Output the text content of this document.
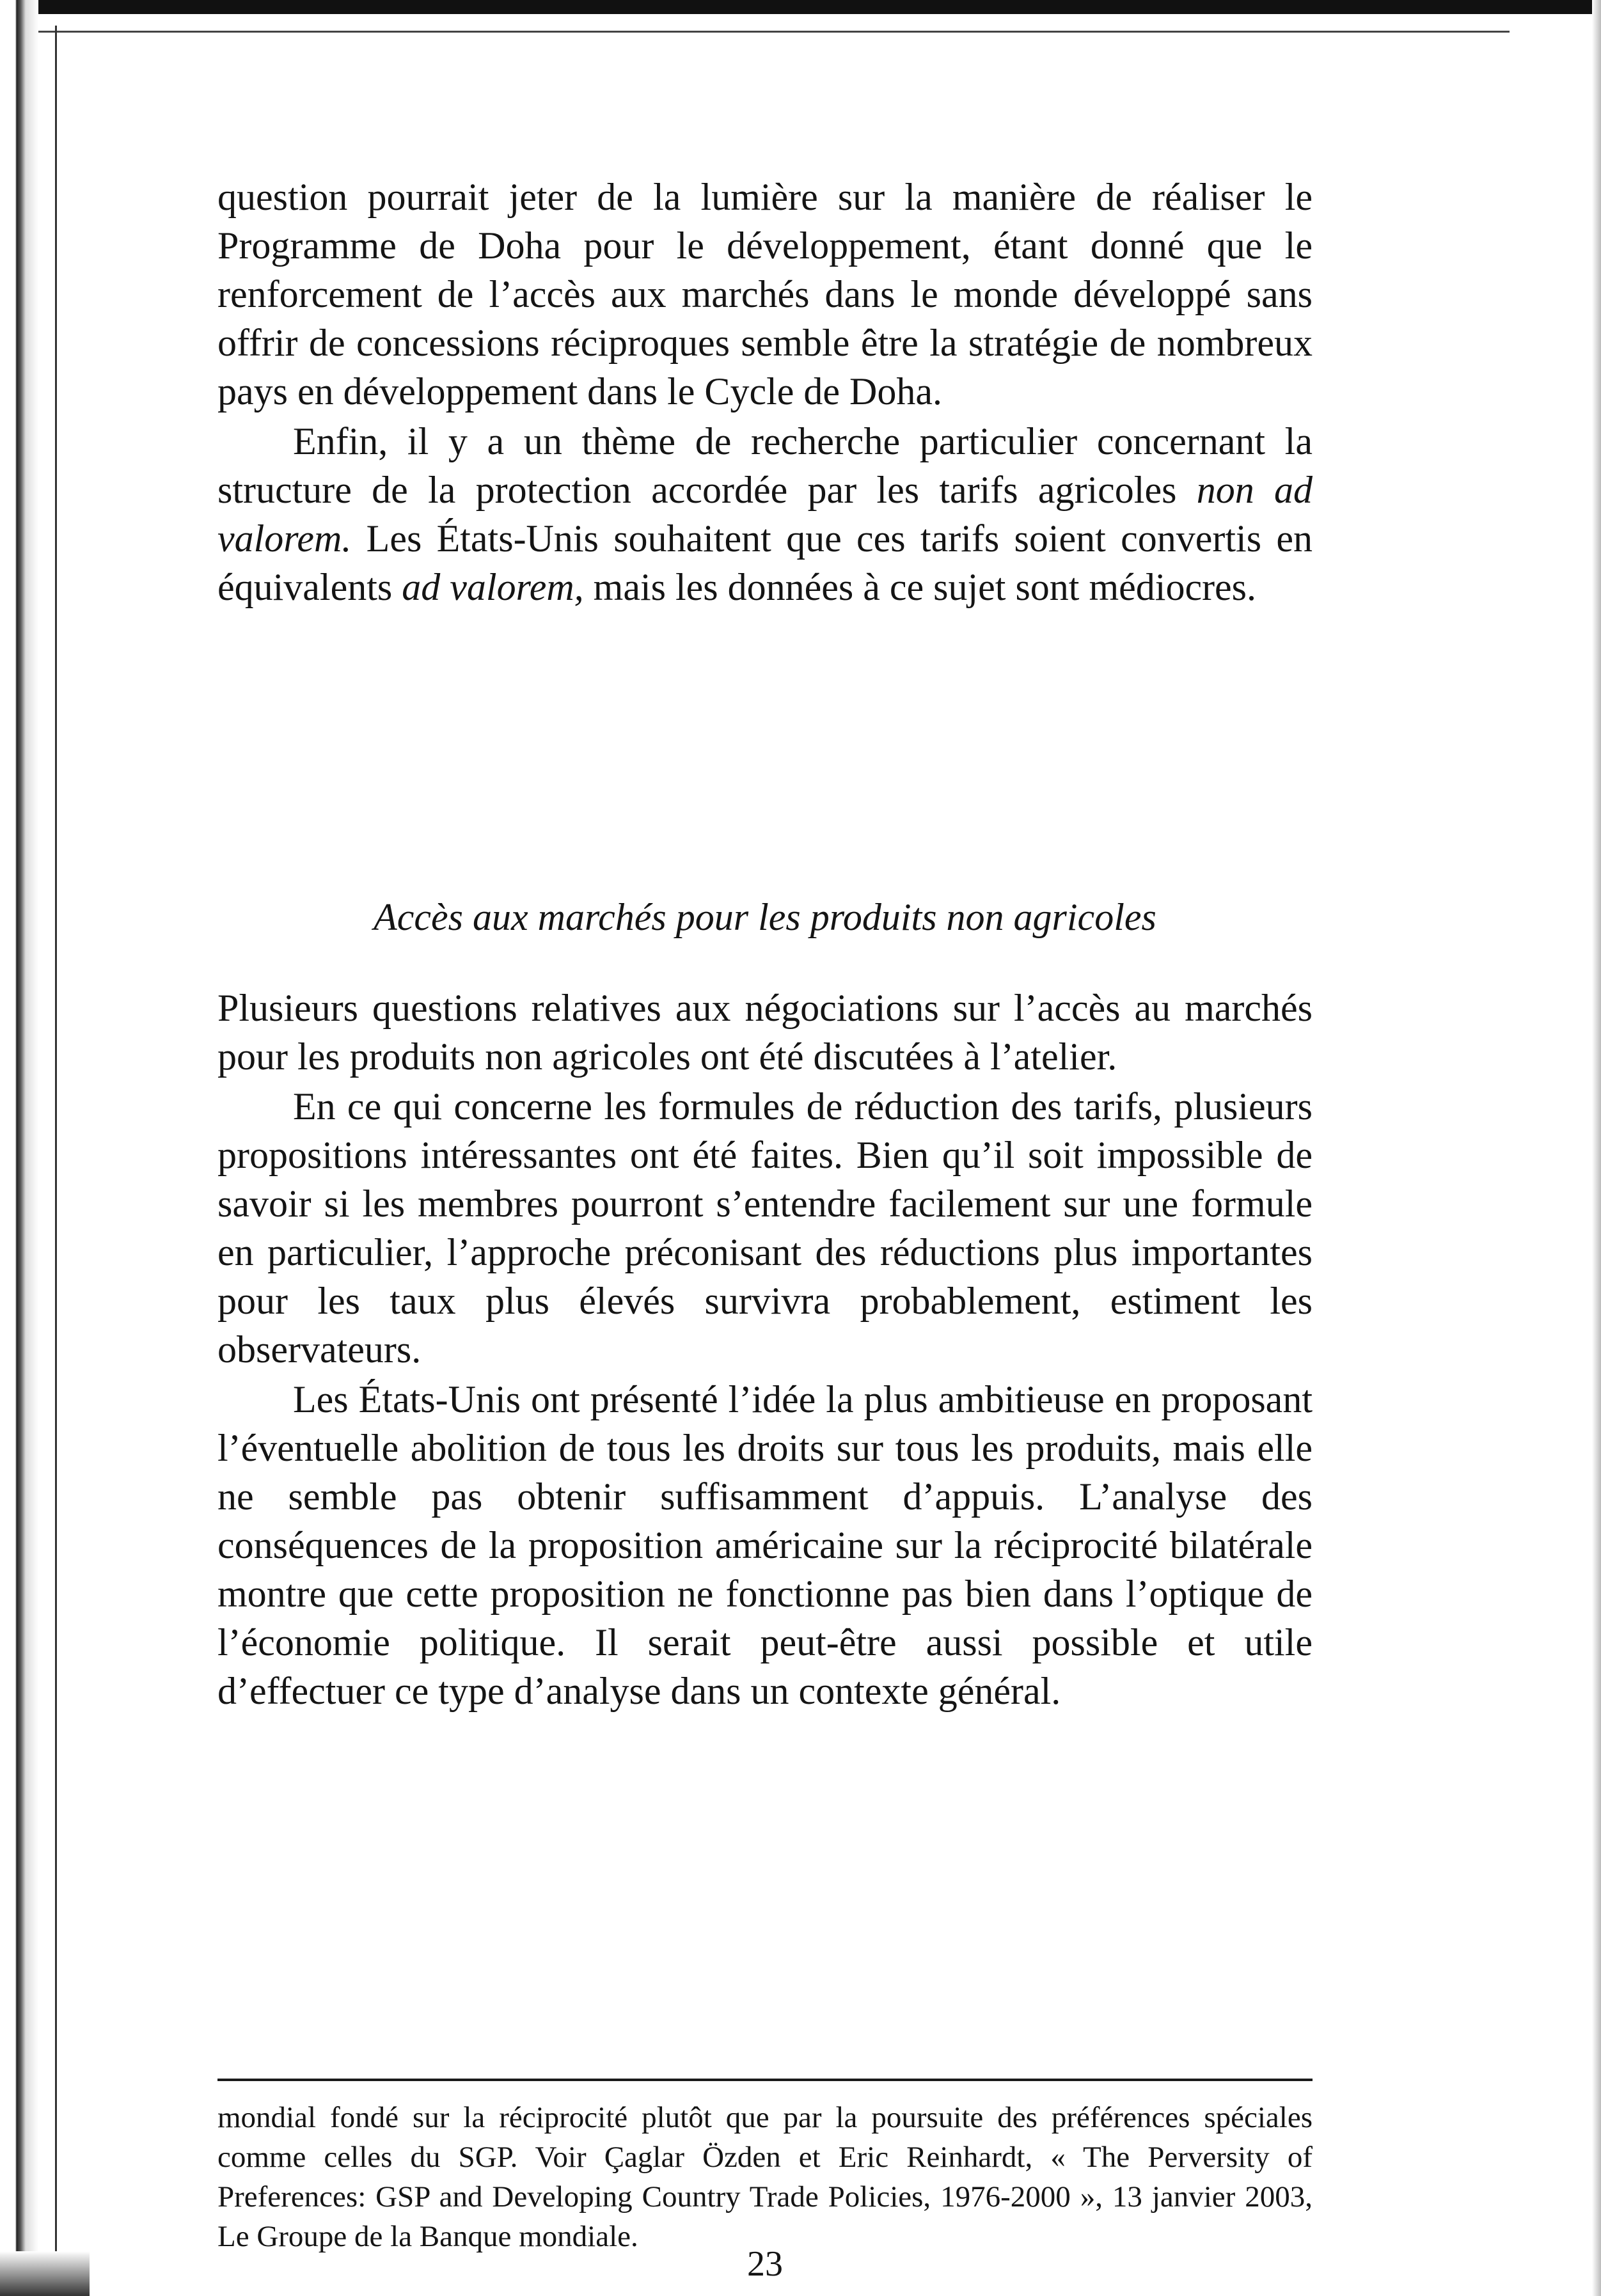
question pourrait jeter de la lumière sur la manière de réaliser le Programme de Doha pour le développement, étant donné que le renforcement de l’accès aux marchés dans le monde développé sans offrir de concessions réciproques semble être la stratégie de nombreux pays en développement dans le Cycle de Doha.

Enfin, il y a un thème de recherche particulier concernant la structure de la protection accordée par les tarifs agricoles non ad valorem. Les États-Unis souhaitent que ces tarifs soient convertis en équivalents ad valorem, mais les données à ce sujet sont médiocres.

Accès aux marchés pour les produits non agricoles

Plusieurs questions relatives aux négociations sur l’accès au marchés pour les produits non agricoles ont été discutées à l’atelier.

En ce qui concerne les formules de réduction des tarifs, plusieurs propositions intéressantes ont été faites. Bien qu’il soit impossible de savoir si les membres pourront s’entendre facilement sur une formule en particulier, l’approche préconisant des réductions plus importantes pour les taux plus élevés survivra probablement, estiment les observateurs.

Les États-Unis ont présenté l’idée la plus ambitieuse en proposant l’éventuelle abolition de tous les droits sur tous les produits, mais elle ne semble pas obtenir suffisamment d’appuis. L’analyse des conséquences de la proposition américaine sur la réciprocité bilatérale montre que cette proposition ne fonctionne pas bien dans l’optique de l’économie politique. Il serait peut-être aussi possible et utile d’effectuer ce type d’analyse dans un contexte général.

mondial fondé sur la réciprocité plutôt que par la poursuite des préférences spéciales comme celles du SGP. Voir Çaglar Özden et Eric Reinhardt, « The Perversity of Preferences: GSP and Developing Country Trade Policies, 1976-2000 », 13 janvier 2003, Le Groupe de la Banque mondiale.

23
